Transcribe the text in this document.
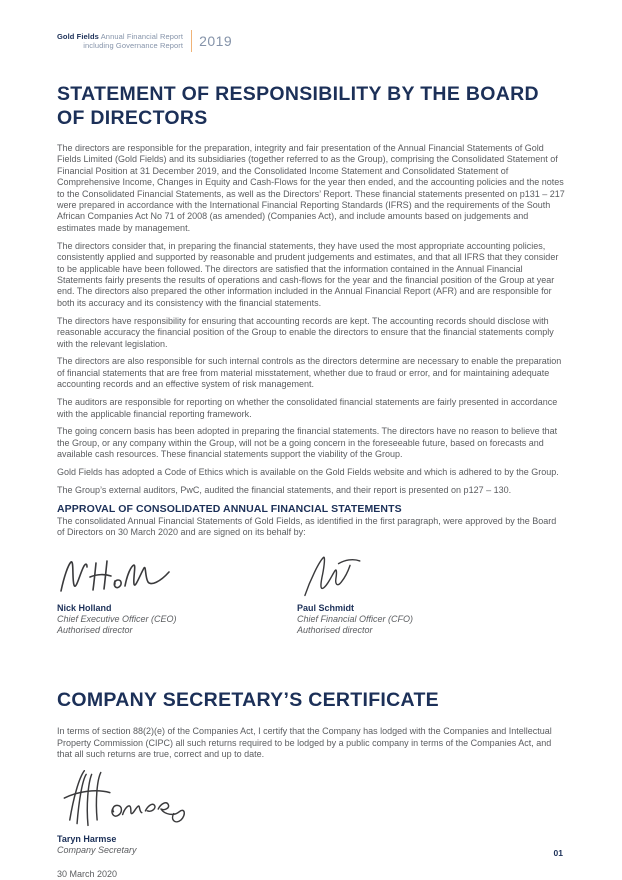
Gold Fields Annual Financial Report
including Governance Report 2019
STATEMENT OF RESPONSIBILITY BY THE BOARD OF DIRECTORS

The directors are responsible for the preparation, integrity and fair presentation of the Annual Financial Statements of Gold Fields Limited (Gold Fields) and its subsidiaries (together referred to as the Group), comprising the Consolidated Statement of Financial Position at 31 December 2019, and the Consolidated Income Statement and Consolidated Statement of Comprehensive Income, Changes in Equity and Cash-Flows for the year then ended, and the accounting policies and the notes to the Consolidated Financial Statements, as well as the Directors’ Report. These financial statements presented on p131 – 217 were prepared in accordance with the International Financial Reporting Standards (IFRS) and the requirements of the South African Companies Act No 71 of 2008 (as amended) (Companies Act), and include amounts based on judgements and estimates made by management.

The directors consider that, in preparing the financial statements, they have used the most appropriate accounting policies, consistently applied and supported by reasonable and prudent judgements and estimates, and that all IFRS that they consider to be applicable have been followed. The directors are satisfied that the information contained in the Annual Financial Statements fairly presents the results of operations and cash-flows for the year and the financial position of the Group at year end. The directors also prepared the other information included in the Annual Financial Report (AFR) and are responsible for both its accuracy and its consistency with the financial statements.

The directors have responsibility for ensuring that accounting records are kept. The accounting records should disclose with reasonable accuracy the financial position of the Group to enable the directors to ensure that the financial statements comply with the relevant legislation.

The directors are also responsible for such internal controls as the directors determine are necessary to enable the preparation of financial statements that are free from material misstatement, whether due to fraud or error, and for maintaining adequate accounting records and an effective system of risk management.

The auditors are responsible for reporting on whether the consolidated financial statements are fairly presented in accordance with the applicable financial reporting framework.

The going concern basis has been adopted in preparing the financial statements. The directors have no reason to believe that the Group, or any company within the Group, will not be a going concern in the foreseeable future, based on forecasts and available cash resources. These financial statements support the viability of the Group.

Gold Fields has adopted a Code of Ethics which is available on the Gold Fields website and which is adhered to by the Group.

The Group’s external auditors, PwC, audited the financial statements, and their report is presented on p127 – 130.

APPROVAL OF CONSOLIDATED ANNUAL FINANCIAL STATEMENTS

The consolidated Annual Financial Statements of Gold Fields, as identified in the first paragraph, were approved by the Board of Directors on 30 March 2020 and are signed on its behalf by:

Nick Holland
Chief Executive Officer (CEO)
Authorised director
Paul Schmidt
Chief Financial Officer (CFO)
Authorised director
COMPANY SECRETARY’S CERTIFICATE

In terms of section 88(2)(e) of the Companies Act, I certify that the Company has lodged with the Companies and Intellectual Property Commission (CIPC) all such returns required to be lodged by a public company in terms of the Companies Act, and that all such returns are true, correct and up to date.

Taryn Harmse
Company Secretary

30 March 2020

01
